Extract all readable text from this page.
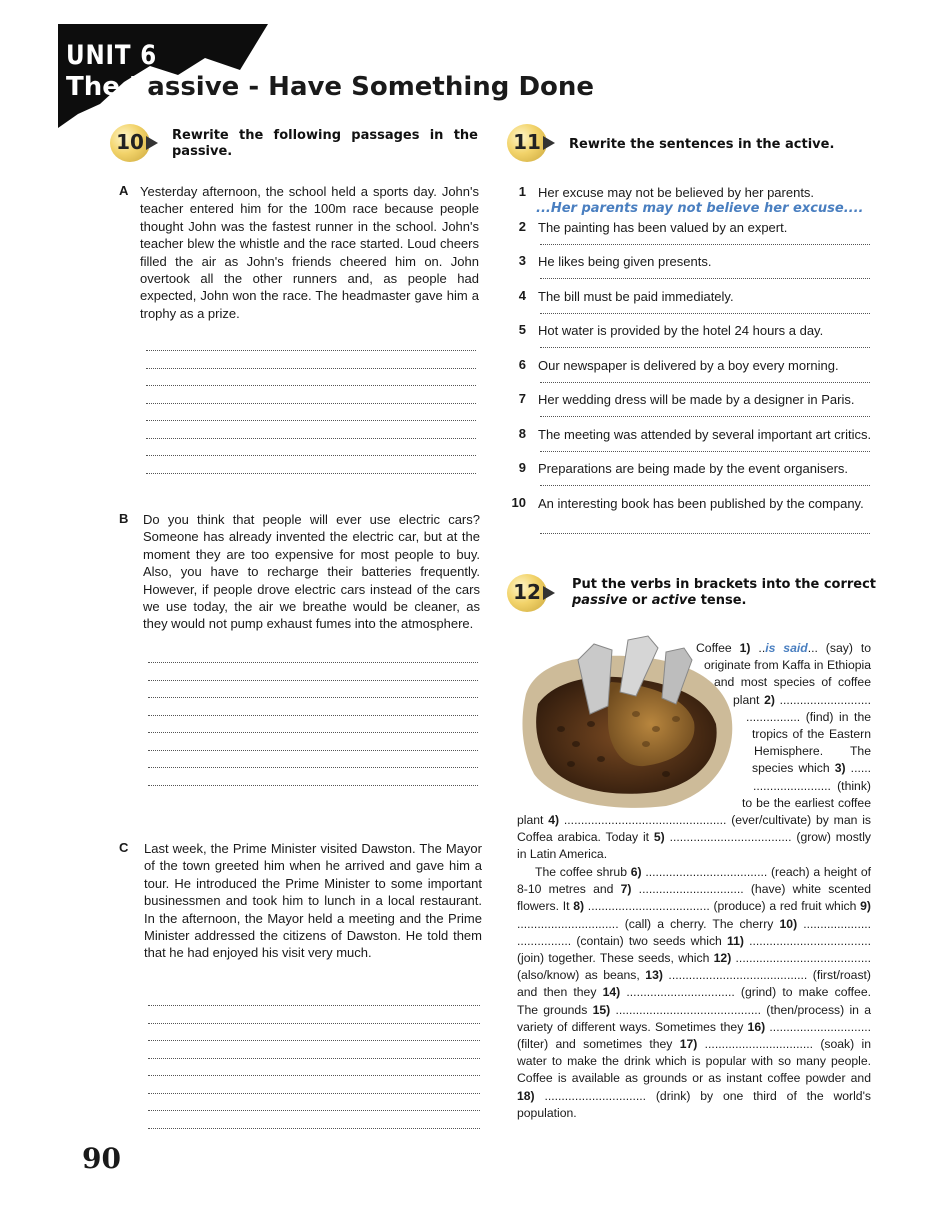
UNIT 6
The Passive - Have Something Done
10	Rewrite the following passages in the passive.
A Yesterday afternoon, the school held a sports day. John's teacher entered him for the 100m race because people thought John was the fastest runner in the school. John's teacher blew the whistle and the race started. Loud cheers filled the air as John's friends cheered him on. John overtook all the other runners and, as people had expected, John won the race. The headmaster gave him a trophy as a prize.
B Do you think that people will ever use electric cars? Someone has already invented the electric car, but at the moment they are too expensive for most people to buy. Also, you have to recharge their batteries frequently. However, if people drove electric cars instead of the cars we use today, the air we breathe would be cleaner, as they would not pump exhaust fumes into the atmosphere.
C Last week, the Prime Minister visited Dawston. The Mayor of the town greeted him when he arrived and gave him a tour. He introduced the Prime Minister to some important businessmen and took him to lunch in a local restaurant. In the afternoon, the Mayor held a meeting and the Prime Minister addressed the citizens of Dawston. He told them that he had enjoyed his visit very much.
11	Rewrite the sentences in the active.
1 Her excuse may not be believed by her parents.
...Her parents may not believe her excuse....
2 The painting has been valued by an expert.
3 He likes being given presents.
4 The bill must be paid immediately.
5 Hot water is provided by the hotel 24 hours a day.
6 Our newspaper is delivered by a boy every morning.
7 Her wedding dress will be made by a designer in Paris.
8 The meeting was attended by several important art critics.
9 Preparations are being made by the event organisers.
10 An interesting book has been published by the company.
12	Put the verbs in brackets into the correct
passive or active tense.
Coffee 1) ..is said... (say) to
originate from Kaffa in Ethiopia
and most species of coffee
plant 2) ...........................
................ (find) in the
tropics of the Eastern
Hemisphere. The
species which 3) ......
....................... (think)
to be the earliest coffee
plant 4) ................................................ (ever/cultivate) by man is Coffea arabica. Today it 5) .................................... (grow) mostly in Latin America.
The coffee shrub 6) .................................... (reach) a height of 8-10 metres and 7) ............................... (have) white scented flowers. It 8) .................................... (produce) a red fruit which 9) .............................. (call) a cherry. The cherry 10) .................... ................ (contain) two seeds which 11) .................................... (join) together. These seeds, which 12) ........................................ (also/know) as beans, 13) ......................................... (first/roast) and then they 14) ................................ (grind) to make coffee. The grounds 15) ........................................... (then/process) in a variety of different ways. Sometimes they 16) .............................. (filter) and sometimes they 17) ................................ (soak) in water to make the drink which is popular with so many people. Coffee is available as grounds or as instant coffee powder and 18) .............................. (drink) by one third of the world's population.
90
